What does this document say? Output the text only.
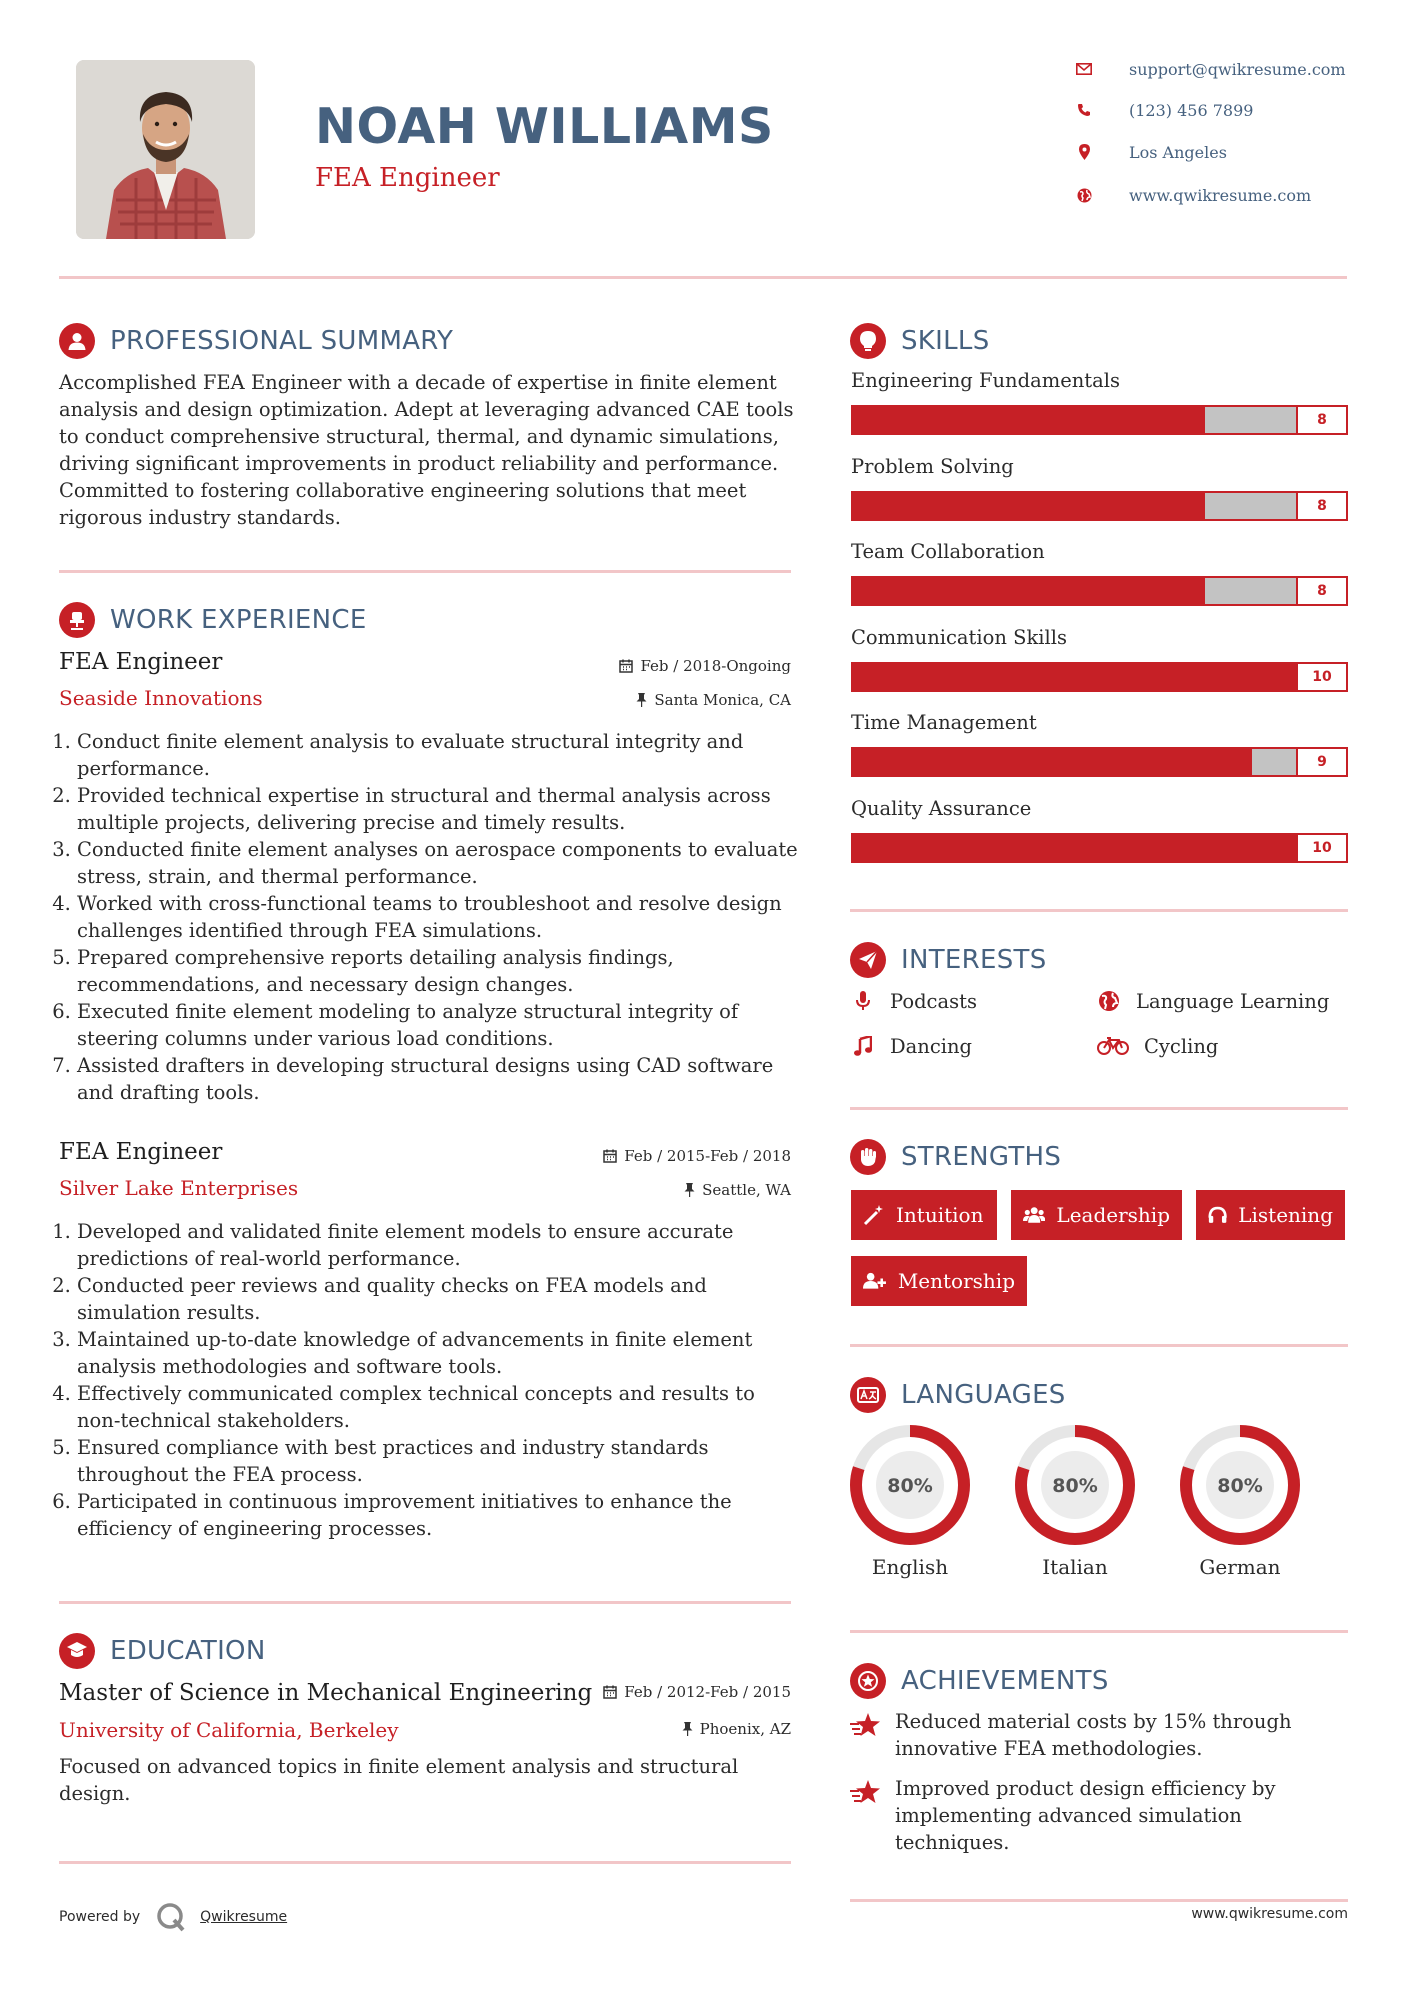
NOAH WILLIAMS
FEA Engineer
support@qwikresume.com
(123) 456 7899
Los Angeles
www.qwikresume.com
PROFESSIONAL SUMMARY
Accomplished FEA Engineer with a decade of expertise in finite element analysis and design optimization. Adept at leveraging advanced CAE tools to conduct comprehensive structural, thermal, and dynamic simulations, driving significant improvements in product reliability and performance. Committed to fostering collaborative engineering solutions that meet rigorous industry standards.
WORK EXPERIENCE
FEA Engineer
Seaside Innovations
Feb / 2018-Ongoing
Santa Monica, CA
1. Conduct finite element analysis to evaluate structural integrity and performance.
2. Provided technical expertise in structural and thermal analysis across multiple projects, delivering precise and timely results.
3. Conducted finite element analyses on aerospace components to evaluate stress, strain, and thermal performance.
4. Worked with cross-functional teams to troubleshoot and resolve design challenges identified through FEA simulations.
5. Prepared comprehensive reports detailing analysis findings, recommendations, and necessary design changes.
6. Executed finite element modeling to analyze structural integrity of steering columns under various load conditions.
7. Assisted drafters in developing structural designs using CAD software and drafting tools.
FEA Engineer
Silver Lake Enterprises
Feb / 2015-Feb / 2018
Seattle, WA
1. Developed and validated finite element models to ensure accurate predictions of real-world performance.
2. Conducted peer reviews and quality checks on FEA models and simulation results.
3. Maintained up-to-date knowledge of advancements in finite element analysis methodologies and software tools.
4. Effectively communicated complex technical concepts and results to non-technical stakeholders.
5. Ensured compliance with best practices and industry standards throughout the FEA process.
6. Participated in continuous improvement initiatives to enhance the efficiency of engineering processes.
EDUCATION
Master of Science in Mechanical Engineering
University of California, Berkeley
Feb / 2012-Feb / 2015
Phoenix, AZ
Focused on advanced topics in finite element analysis and structural design.
Powered by	Qwikresume
SKILLS
Engineering Fundamentals
8
Problem Solving
8
Team Collaboration
8
Communication Skills
10
Time Management
9
Quality Assurance
10
INTERESTS
Podcasts	Language Learning
Dancing	Cycling
STRENGTHS
Intuition	Leadership	Listening
Mentorship
LANGUAGES
80%
English
80%
Italian
80%
German
ACHIEVEMENTS
Reduced material costs by 15% through innovative FEA methodologies.
Improved product design efficiency by implementing advanced simulation techniques.
www.qwikresume.com
